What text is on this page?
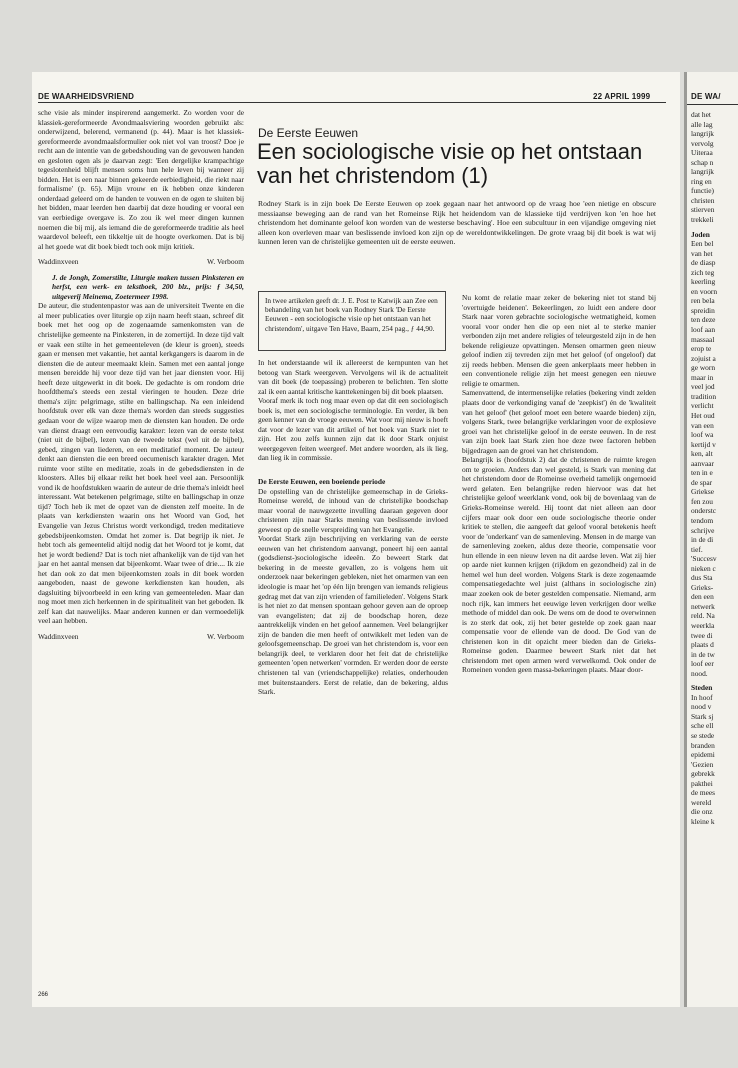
DE WAARHEIDSVRIEND	22 APRIL 1999

sche visie als minder inspirerend aangemerkt. Zo worden voor de klassiek-gereformeerde Avondmaalsviering woorden gebruikt als: onderwijzend, belerend, vermanend (p. 44). Maar is het klassiek-gereformeerde avondmaalsformulier ook niet vol van troost? Doe je recht aan de intentie van de gebedshouding van de gevouwen handen en gesloten ogen als je daarvan zegt: 'Een dergelijke krampachtige tegeslotenheid blijft mensen soms hun hele leven bij wanneer zij bidden. Het is een naar binnen gekeerde eerbiedigheid, die riekt naar formalisme' (p. 65). Mijn vrouw en ik hebben onze kinderen onderdaad geleerd om de handen te vouwen en de ogen te sluiten bij het bidden, maar leerden hen daarbij dat deze houding er vooral een van eerbiedige overgave is. Zo zou ik wel meer dingen kunnen noemen die bij mij, als iemand die de gereformeerde traditie als heel waardevol beleeft, een tikkeltje uit de hoogte overkomen. Dat is bij al het goede wat dit boek biedt toch ook mijn kritiek.

Waddinxveen	W. Verboom

J. de Jongh, Zomerstilte, Liturgie maken tussen Pinksteren en herfst, een werk- en tekstboek, 200 blz., prijs: ƒ 34,50, uitgeverij Meinema, Zoetermeer 1998.

De auteur, die studentenpastor was aan de universiteit Twente en die al meer publicaties over liturgie op zijn naam heeft staan, schreef dit boek met het oog op de zogenaamde samenkomsten van de christelijke gemeente na Pinksteren, in de zomertijd. In deze tijd valt er vaak een stilte in het gemeenteleven (de kleur is groen), steeds gaan er mensen met vakantie, het aantal kerkgangers is daarom in de diensten die de auteur meemaakt klein. Samen met een aantal jonge mensen bereidde hij voor deze tijd van het jaar diensten voor. Hij heeft deze uitgewerkt in dit boek. De gedachte is om rondom drie hoofdthema's steeds een zestal vieringen te houden. Deze drie thema's zijn: pelgrimage, stilte en ballingschap. Na een inleidend hoofdstuk over elk van deze thema's worden dan steeds suggesties gedaan voor de wijze waarop men de diensten kan houden. De orde van dienst draagt een eenvoudig karakter: lezen van de eerste tekst (niet uit de bijbel), lezen van de tweede tekst (wel uit de bijbel), gebed, zingen van liederen, en een meditatief moment. De auteur denkt aan diensten die een breed oecumenisch karakter dragen. Met ruimte voor stilte en meditatie, zoals in de gebedsdiensten in de kloosters. Alles bij elkaar reikt het boek heel veel aan. Persoonlijk vond ik de hoofdstukken waarin de auteur de drie thema's inleidt heel interessant. Wat betekenen pelgrimage, stilte en ballingschap in onze tijd? Toch heb ik met de opzet van de diensten zelf moeite. In de plaats van kerkdiensten waarin ons het Woord van God, het Evangelie van Jezus Christus wordt verkondigd, treden meditatieve gebedsbijeenkomsten. Omdat het zomer is. Dat begrijp ik niet. Je hebt toch als gemeentelid altijd nodig dat het Woord tot je komt, dat het je wordt bediend? Dat is toch niet afhankelijk van de tijd van het jaar en het aantal mensen dat bijeenkomt. Waar twee of drie.... Ik zie het dan ook zo dat men bijeenkomsten zoals in dit boek worden aangeboden, naast de gewone kerkdiensten kan houden, als dagsluiting bijvoorbeeld in een kring van gemeenteleden. Maar dan nog moet men zich herkennen in de spiritualiteit van het geboden. Ik zelf kan dat nauwelijks. Maar anderen kunnen er dan vermoedelijk veel aan hebben.

Waddinxveen	W. Verboom
De Eerste Eeuwen
Een sociologische visie op het ontstaan van het christendom (1)
Rodney Stark is in zijn boek De Eerste Eeuwen op zoek gegaan naar het antwoord op de vraag hoe 'een nietige en obscure messiaanse beweging aan de rand van het Romeinse Rijk het heidendom van de klassieke tijd verdrijven kon 'en hoe het christendom het dominante geloof kon worden van de westerse beschaving'. Hoe een subcultuur in een vijandige omgeving niet alleen kon overleven maar van beslissende invloed kon zijn op de wereldontwikkelingen. De grote vraag bij dit boek is wat wij kunnen leren van de christelijke gemeenten uit de eerste eeuwen.
In twee artikelen geeft dr. J. E. Post te Katwijk aan Zee een behandeling van het boek van Rodney Stark 'De Eerste Eeuwen - een sociologische visie op het ontstaan van het christendom', uitgave Ten Have, Baarn, 254 pag., ƒ 44,90.

In het onderstaande wil ik allereerst de kernpunten van het betoog van Stark weergeven. Vervolgens wil ik de actualiteit van dit boek (de toepassing) proberen te belichten. Ten slotte zal ik een aantal kritische kanttekeningen bij dit boek plaatsen.

Vooraf merk ik toch nog maar even op dat dit een sociologisch boek is, met een sociologische terminologie. En verder, ik ben geen kenner van de vroege eeuwen. Wat voor mij nieuw is hoeft dat voor de lezer van dit artikel of het boek van Stark niet te zijn. Het zou zelfs kunnen zijn dat ik door Stark onjuist weergegeven feiten weergeef. Met andere woorden, als ik lieg, dan lieg ik in commissie.

De Eerste Eeuwen, een boeiende periode

De opstelling van de christelijke gemeenschap in de Grieks-Romeinse wereld, de inhoud van de christelijke boodschap maar vooral de nauwgezette invulling daaraan gegeven door christenen zijn naar Starks mening van beslissende invloed geweest op de snelle verspreiding van het Evangelie.

Voordat Stark zijn beschrijving en verklaring van de eerste eeuwen van het christendom aanvangt, poneert hij een aantal (godsdienst-)sociologische ideeën. Zo beweert Stark dat bekering in de meeste gevallen, zo is volgens hem uit onderzoek naar bekeringen gebleken, niet het omarmen van een ideologie is maar het 'op één lijn brengen van iemands religieus gedrag met dat van zijn vrienden of familieleden'. Volgens Stark is het niet zo dat mensen spontaan gehoor geven aan de oproep van evangelisten; dat zij de boodschap horen, deze aantrekkelijk vinden en het geloof aannemen. Veel belangrijker zijn de banden die men heeft of ontwikkelt met leden van de geloofsgemeenschap. De groei van het christendom is, voor een belangrijk deel, te verklaren door het feit dat de christelijke gemeenten 'open netwerken' vormden. Er werden door de eerste christenen tal van (vriendschappelijke) relaties, onderhouden met buitenstaanders. Eerst de relatie, dan de bekering, aldus Stark.

Nu komt de relatie maar zeker de bekering niet tot stand bij 'overtuigde heidenen'. Bekeerlingen, zo luidt een andere door Stark naar voren gebrachte sociologische wetmatigheid, komen vooral voor onder hen die op een niet al te sterke manier verbonden zijn met andere religies of teleurgesteld zijn in de hen bekende religieuze opvattingen. Mensen omarmen geen nieuw geloof indien zij tevreden zijn met het geloof (of ongeloof) dat zij reeds hebben. Mensen die geen ankerplaats meer hebben in een conventionele religie zijn het meest genegen een nieuwe religie te omarmen.

Samenvattend, de intermenselijke relaties (bekering vindt zelden plaats door de verkondiging vanaf de 'zeepkist') én de 'kwaliteit van het geloof' (het geloof moet een betere waarde bieden) zijn, volgens Stark, twee belangrijke verklaringen voor de explosieve groei van het christelijke geloof in de eerste eeuwen. In de rest van zijn boek laat Stark zien hoe deze twee factoren hebben bijgedragen aan de groei van het christendom.

Belangrijk is (hoofdstuk 2) dat de christenen de ruimte kregen om te groeien. Anders dan wel gesteld, is Stark van mening dat het christendom door de Romeinse overheid tamelijk ongemoeid werd gelaten. Een belangrijke reden hiervoor was dat het christelijke geloof weerklank vond, ook bij de bovenlaag van de Grieks-Romeinse wereld. Hij toont dat niet alleen aan door cijfers maar ook door een oude sociologische theorie onder kritiek te stellen, die aangeeft dat geloof vooral betekenis heeft voor de 'onderkant' van de samenleving. Mensen in de marge van de samenleving zoeken, aldus deze theorie, compensatie voor hun ellende in een nieuw leven na dit aardse leven. Wat zij hier op aarde niet kunnen krijgen (rijkdom en gezondheid) zal in de hemel wel hun deel worden. Volgens Stark is deze zogenaamde compensatiegedachte wel juist (althans in sociologische zin) maar zoeken ook de beter gestelden compensatie. Niemand, arm noch rijk, kan immers het eeuwige leven verkrijgen door welke methode of middel dan ook. De wens om de dood te overwinnen is zo sterk dat ook, zij het beter gestelde op zoek gaan naar compensatie voor de ellende van de dood. De God van de christenen kon in dit opzicht meer bieden dan de Grieks-Romeinse goden. Daarmee beweert Stark niet dat het christendom met open armen werd verwelkomd. Ook onder de Romeinen vonden geen massa-bekeringen plaats. Maar door-

266
DE WA/
dat het
alle lag
langrijk
vervolg
Uiteraa
schap n
langrijk
ring en
functie)
christen
stierven
trekkeli
Joden
Een bel
van het
de diasp
zich teg
keerling
en voorn
ren bela
spreidin
ten deze
loof aan
massaal
erop te
zojuist a
ge worn
maar in
veel jod
tradition
verlicht
Het oud
van een
loof wa
kertijd v
ken, alt
aanvaar
ten in e
de spar
Griekse
fen zou
onderstc
tendom
schrijve
in de di
tief.
'Succesv
nieken c
dus Sta
Grieks-
den een
netwerk
reld. Na
weerkla
twee di
plaats d
in de tw
loof eer
nood.
Steden
In hoof
nood v
Stark sj
sche ell
se stede
branden
epidemi
'Gezien
gebrekk
pakthei
de mees
wereld
die onz
kleine k
